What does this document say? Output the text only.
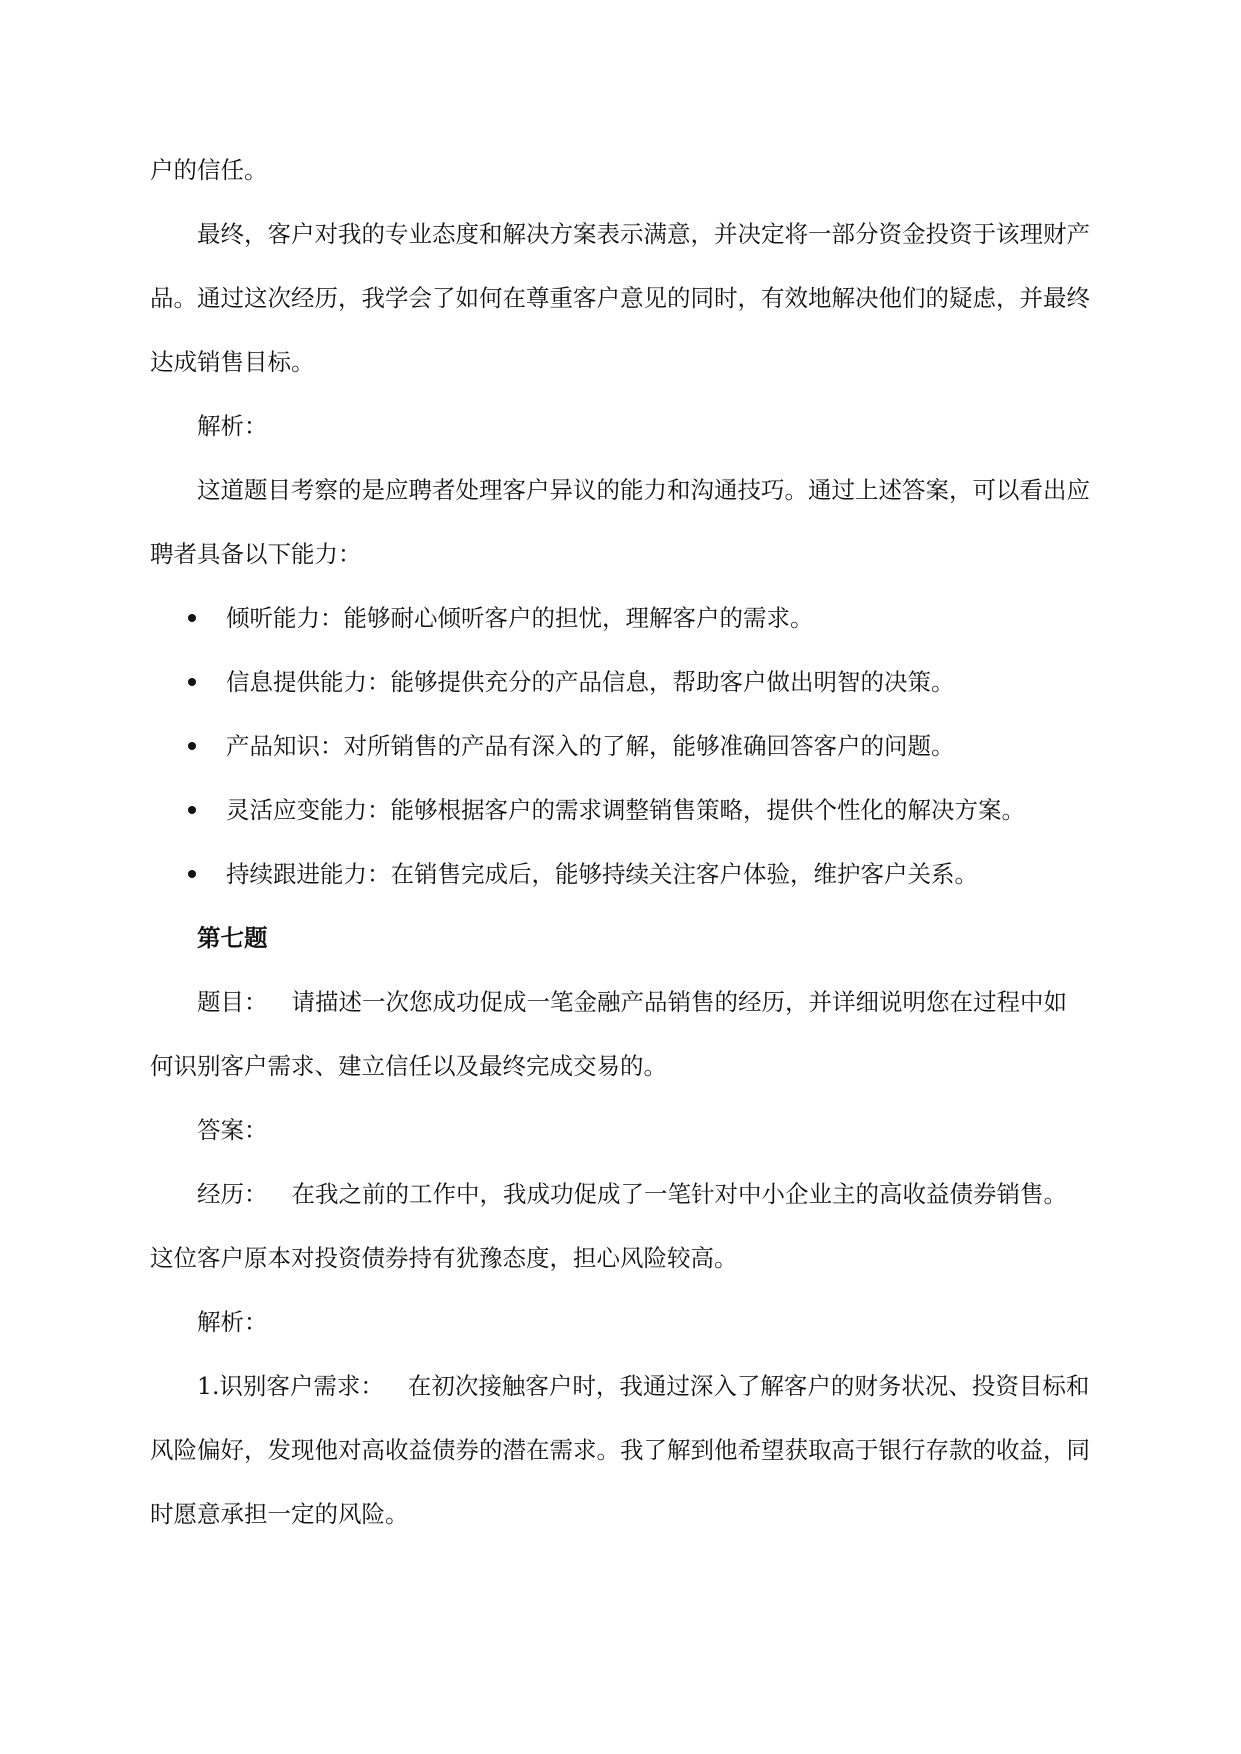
户的信任。

最终，客户对我的专业态度和解决方案表示满意，并决定将一部分资金投资于该理财产品。通过这次经历，我学会了如何在尊重客户意见的同时，有效地解决他们的疑虑，并最终达成销售目标。

解析：

这道题目考察的是应聘者处理客户异议的能力和沟通技巧。通过上述答案，可以看出应聘者具备以下能力：

倾听能力：能够耐心倾听客户的担忧，理解客户的需求。
信息提供能力：能够提供充分的产品信息，帮助客户做出明智的决策。
产品知识：对所销售的产品有深入的了解，能够准确回答客户的问题。
灵活应变能力：能够根据客户的需求调整销售策略，提供个性化的解决方案。
持续跟进能力：在销售完成后，能够持续关注客户体验，维护客户关系。

第七题

题目： 请描述一次您成功促成一笔金融产品销售的经历，并详细说明您在过程中如何识别客户需求、建立信任以及最终完成交易的。

答案：

经历： 在我之前的工作中，我成功促成了一笔针对中小企业主的高收益债券销售。这位客户原本对投资债券持有犹豫态度，担心风险较高。

解析：

1.识别客户需求： 在初次接触客户时，我通过深入了解客户的财务状况、投资目标和风险偏好，发现他对高收益债券的潜在需求。我了解到他希望获取高于银行存款的收益，同时愿意承担一定的风险。
